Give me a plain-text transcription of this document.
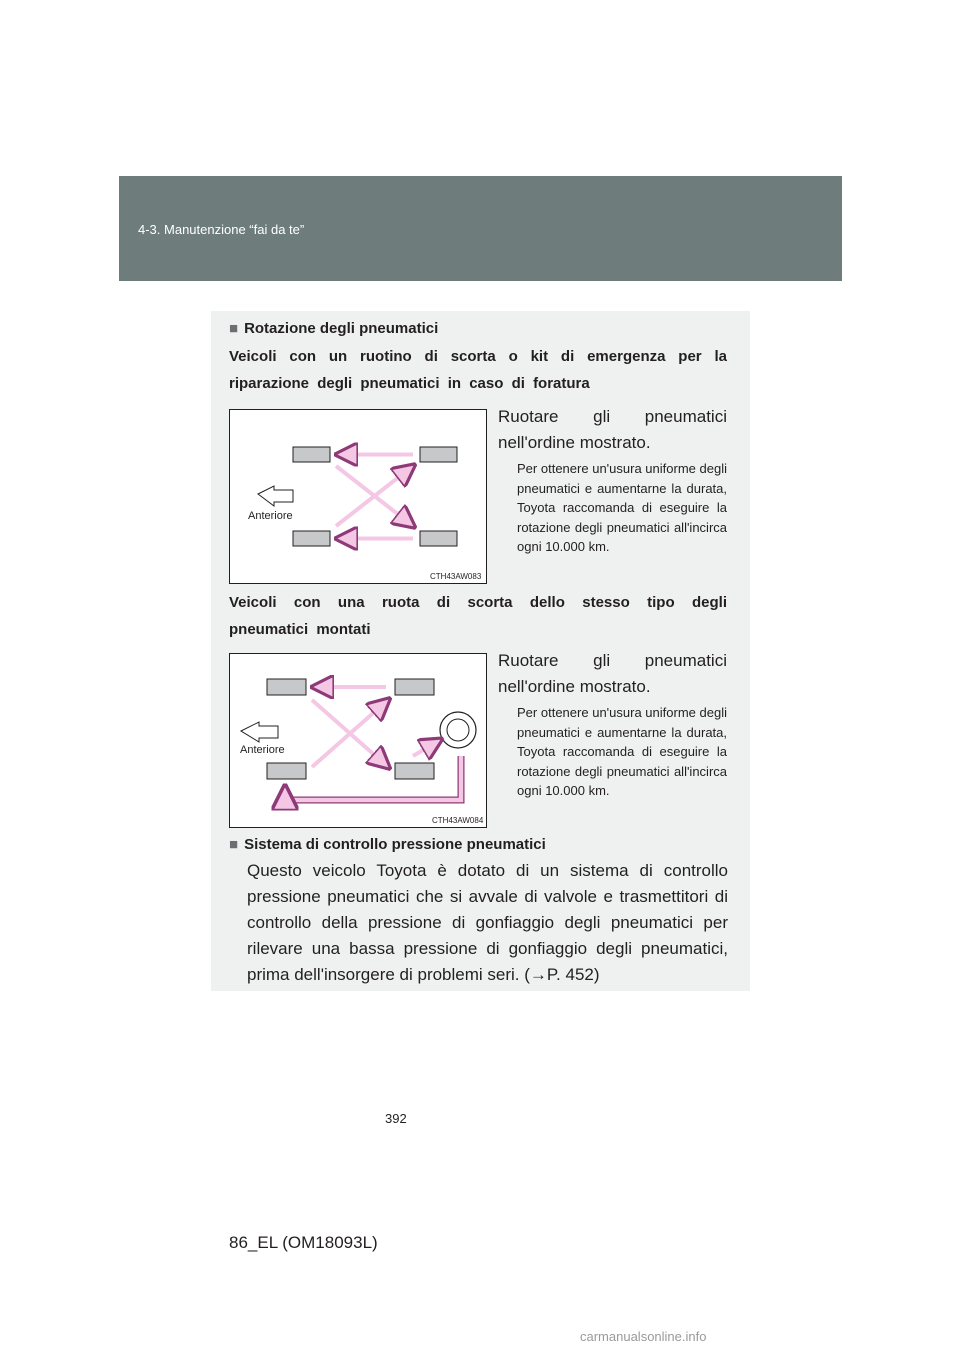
4-3. Manutenzione “fai da te”
■ Rotazione degli pneumatici
Veicoli con un ruotino di scorta o kit di emergenza per la riparazione degli pneumatici in caso di foratura
Anteriore
CTH43AW083
Ruotare gli pneumatici nell'ordine mostrato.
Per ottenere un'usura uniforme degli pneumatici e aumentarne la durata, Toyota raccomanda di eseguire la rotazione degli pneumatici all'incirca ogni 10.000 km.
Veicoli con una ruota di scorta dello stesso tipo degli pneumatici montati
Anteriore
CTH43AW084
Ruotare gli pneumatici nell'ordine mostrato.
Per ottenere un'usura uniforme degli pneumatici e aumentarne la durata, Toyota raccomanda di eseguire la rotazione degli pneumatici all'incirca ogni 10.000 km.
■ Sistema di controllo pressione pneumatici
Questo veicolo Toyota è dotato di un sistema di controllo pressione pneumatici che si avvale di valvole e trasmettitori di controllo della pressione di gonfiaggio degli pneumatici per rilevare una bassa pressione di gonfiaggio degli pneumatici, prima dell'insorgere di problemi seri. (→P. 452)
392
86_EL (OM18093L)
carmanualsonline.info
